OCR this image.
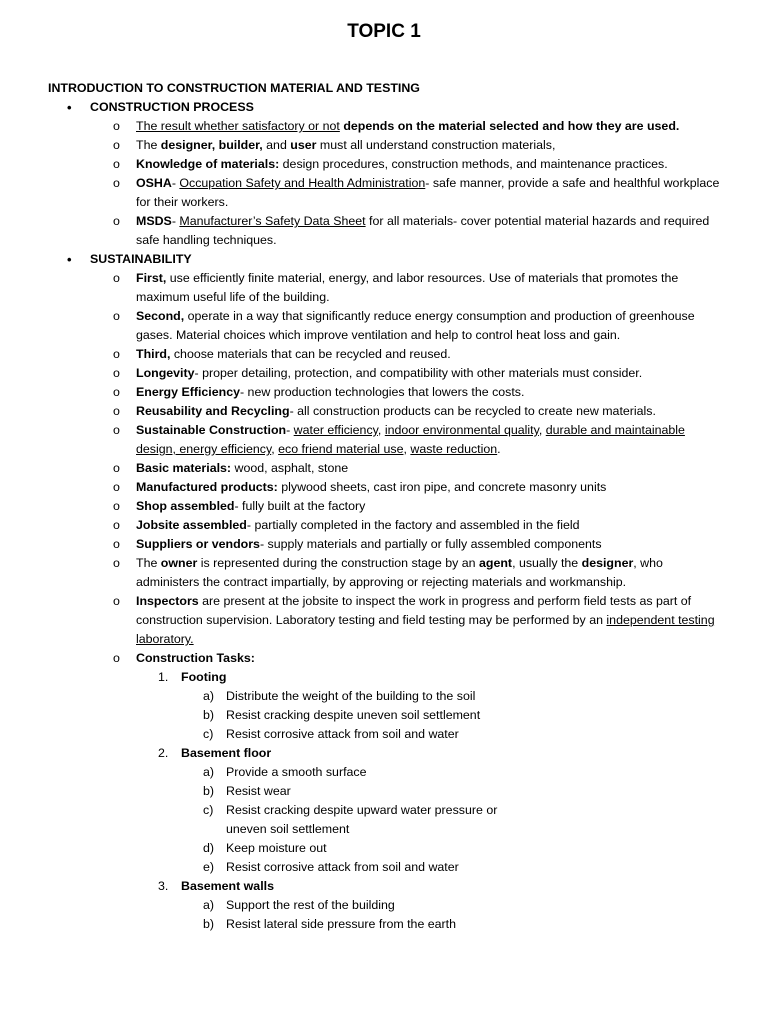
TOPIC 1
INTRODUCTION TO CONSTRUCTION MATERIAL AND TESTING
• CONSTRUCTION PROCESS
o The result whether satisfactory or not depends on the material selected and how they are used.
o The designer, builder, and user must all understand construction materials,
o Knowledge of materials: design procedures, construction methods, and maintenance practices.
o OSHA- Occupation Safety and Health Administration- safe manner, provide a safe and healthful workplace for their workers.
o MSDS- Manufacturer’s Safety Data Sheet for all materials- cover potential material hazards and required safe handling techniques.
• SUSTAINABILITY
o First, use efficiently finite material, energy, and labor resources. Use of materials that promotes the maximum useful life of the building.
o Second, operate in a way that significantly reduce energy consumption and production of greenhouse gases. Material choices which improve ventilation and help to control heat loss and gain.
o Third, choose materials that can be recycled and reused.
o Longevity- proper detailing, protection, and compatibility with other materials must consider.
o Energy Efficiency- new production technologies that lowers the costs.
o Reusability and Recycling- all construction products can be recycled to create new materials.
o Sustainable Construction- water efficiency, indoor environmental quality, durable and maintainable design, energy efficiency, eco friend material use, waste reduction.
o Basic materials: wood, asphalt, stone
o Manufactured products: plywood sheets, cast iron pipe, and concrete masonry units
o Shop assembled- fully built at the factory
o Jobsite assembled- partially completed in the factory and assembled in the field
o Suppliers or vendors- supply materials and partially or fully assembled components
o The owner is represented during the construction stage by an agent, usually the designer, who administers the contract impartially, by approving or rejecting materials and workmanship.
o Inspectors are present at the jobsite to inspect the work in progress and perform field tests as part of construction supervision. Laboratory testing and field testing may be performed by an independent testing laboratory.
o Construction Tasks:
1. Footing
a) Distribute the weight of the building to the soil
b) Resist cracking despite uneven soil settlement
c) Resist corrosive attack from soil and water
2. Basement floor
a) Provide a smooth surface
b) Resist wear
c) Resist cracking despite upward water pressure or uneven soil settlement
d) Keep moisture out
e) Resist corrosive attack from soil and water
3. Basement walls
a) Support the rest of the building
b) Resist lateral side pressure from the earth
